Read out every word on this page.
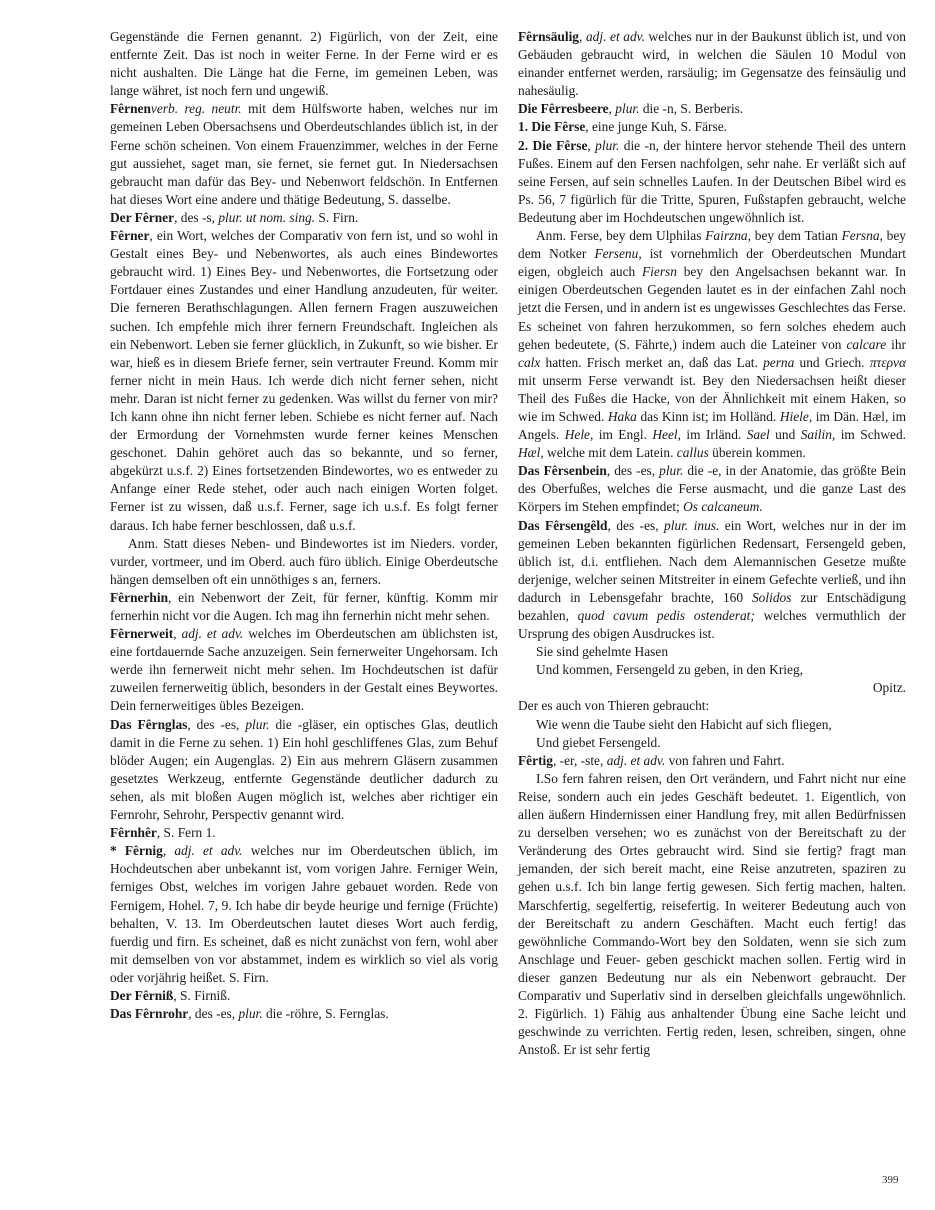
Gegenstände die Fernen genannt. 2) Figürlich, von der Zeit, eine entfernte Zeit. Das ist noch in weiter Ferne. In der Ferne wird er es nicht aushalten. Die Länge hat die Ferne, im gemeinen Leben, was lange währet, ist noch fern und ungewiß.

Fêrnenverb. reg. neutr. mit dem Hülfsworte haben, welches nur im gemeinen Leben Obersachsens und Oberdeutschlandes üblich ist, in der Ferne schön scheinen. Von einem Frauenzimmer, welches in der Ferne gut aussiehet, saget man, sie fernet, sie fernet gut. In Niedersachsen gebraucht man dafür das Bey- und Nebenwort feldschön. In Entfernen hat dieses Wort eine andere und thätige Bedeutung, S. dasselbe.

Der Fêrner, des -s, plur. ut nom. sing. S. Firn.

Fêrner, ein Wort, welches der Comparativ von fern ist, und so wohl in Gestalt eines Bey- und Nebenwortes, als auch eines Bindewortes gebraucht wird. 1) Eines Bey- und Nebenwortes, die Fortsetzung oder Fortdauer eines Zustandes und einer Handlung anzudeuten, für weiter. Die ferneren Berathschlagungen. Allen fernern Fragen auszuweichen suchen. Ich empfehle mich ihrer fernern Freundschaft. Ingleichen als ein Nebenwort. Leben sie ferner glücklich, in Zukunft, so wie bisher. Er war, hieß es in diesem Briefe ferner, sein vertrauter Freund. Komm mir ferner nicht in mein Haus. Ich werde dich nicht ferner sehen, nicht mehr. Daran ist nicht ferner zu gedenken. Was willst du ferner von mir? Ich kann ohne ihn nicht ferner leben. Schiebe es nicht ferner auf. Nach der Ermordung der Vornehmsten wurde ferner keines Menschen geschonet. Dahin gehöret auch das so bekannte, und so ferner, abgekürzt u.s.f. 2) Eines fortsetzenden Bindewortes, wo es entweder zu Anfange einer Rede stehet, oder auch nach einigen Worten folget. Ferner ist zu wissen, daß u.s.f. Ferner, sage ich u.s.f. Es folgt ferner daraus. Ich habe ferner beschlossen, daß u.s.f.

Anm. Statt dieses Neben- und Bindewortes ist im Nieders. vorder, vurder, vortmeer, und im Oberd. auch füro üblich. Einige Oberdeutsche hängen demselben oft ein unnöthiges s an, ferners.

Fêrnerhin, ein Nebenwort der Zeit, für ferner, künftig. Komm mir fernerhin nicht vor die Augen. Ich mag ihn fernerhin nicht mehr sehen.

Fêrnerweit, adj. et adv. welches im Oberdeutschen am üblichsten ist, eine fortdauernde Sache anzuzeigen. Sein fernerweiter Ungehorsam. Ich werde ihn fernerweit nicht mehr sehen. Im Hochdeutschen ist dafür zuweilen fernerweitig üblich, besonders in der Gestalt eines Beywortes. Dein fernerweitiges übles Bezeigen.

Das Fêrnglas, des -es, plur. die -gläser, ein optisches Glas, deutlich damit in die Ferne zu sehen. 1) Ein hohl geschliffenes Glas, zum Behuf blöder Augen; ein Augenglas. 2) Ein aus mehrern Gläsern zusammen gesetztes Werkzeug, entfernte Gegenstände deutlicher dadurch zu sehen, als mit bloßen Augen möglich ist, welches aber richtiger ein Fernrohr, Sehrohr, Perspectiv genannt wird.

Fêrnhêr, S. Fern 1.

* Fêrnig, adj. et adv. welches nur im Oberdeutschen üblich, im Hochdeutschen aber unbekannt ist, vom vorigen Jahre. Ferniger Wein, ferniges Obst, welches im vorigen Jahre gebauet worden. Rede von Fernigem, Hohel. 7, 9. Ich habe dir beyde heurige und fernige (Früchte) behalten, V. 13. Im Oberdeutschen lautet dieses Wort auch ferdig, fuerdig und firn. Es scheinet, daß es nicht zunächst von fern, wohl aber mit demselben von vor abstammet, indem es wirklich so viel als vorig oder vorjährig heißet. S. Firn.

Der Fêrniß, S. Firniß.

Das Fêrnrohr, des -es, plur. die -röhre, S. Fernglas.

Fêrnsäulig, adj. et adv. welches nur in der Baukunst üblich ist, und von Gebäuden gebraucht wird, in welchen die Säulen 10 Modul von einander entfernet werden, rarsäulig; im Gegensatze des feinsäulig und nahesäulig.

Die Fêrresbeere, plur. die -n, S. Berberis.

1. Die Fêrse, eine junge Kuh, S. Färse.

2. Die Fêrse, plur. die -n, der hintere hervor stehende Theil des untern Fußes. Einem auf den Fersen nachfolgen, sehr nahe. Er verläßt sich auf seine Fersen, auf sein schnelles Laufen. In der Deutschen Bibel wird es Ps. 56, 7 figürlich für die Tritte, Spuren, Fußstapfen gebraucht, welche Bedeutung aber im Hochdeutschen ungewöhnlich ist.

Anm. Ferse, bey dem Ulphilas Fairzna, bey dem Tatian Fersna, bey dem Notker Fersenu, ist vornehmlich der Oberdeutschen Mundart eigen, obgleich auch Fiersn bey den Angelsachsen bekannt war. In einigen Oberdeutschen Gegenden lautet es in der einfachen Zahl noch jetzt die Fersen, und in andern ist es ungewisses Geschlechtes das Ferse. Es scheinet von fahren herzukommen, so fern solches ehedem auch gehen bedeutete, (S. Fährte,) indem auch die Lateiner von calcare ihr calx hatten. Frisch merket an, daß das Lat. perna und Griech. πτερνα mit unserm Ferse verwandt ist. Bey den Niedersachsen heißt dieser Theil des Fußes die Hacke, von der Ähnlichkeit mit einem Haken, so wie im Schwed. Haka das Kinn ist; im Holländ. Hiele, im Dän. Hæl, im Angels. Hele, im Engl. Heel, im Irländ. Sael und Sailin, im Schwed. Hæl, welche mit dem Latein. callus überein kommen.

Das Fêrsenbein, des -es, plur. die -e, in der Anatomie, das größte Bein des Oberfußes, welches die Ferse ausmacht, und die ganze Last des Körpers im Stehen empfindet; Os calcaneum.

Das Fêrsengêld, des -es, plur. inus. ein Wort, welches nur in der im gemeinen Leben bekannten figürlichen Redensart, Fersengeld geben, üblich ist, d.i. entfliehen. Nach dem Alemannischen Gesetze mußte derjenige, welcher seinen Mitstreiter in einem Gefechte verließ, und ihn dadurch in Lebensgefahr brachte, 160 Solidos zur Entschädigung bezahlen, quod cavum pedis ostenderat; welches vermuthlich der Ursprung des obigen Ausdruckes ist.

Sie sind gehelmte Hasen

Und kommen, Fersengeld zu geben, in den Krieg,

Opitz.

Der es auch von Thieren gebraucht:

Wie wenn die Taube sieht den Habicht auf sich fliegen,

Und giebet Fersengeld.

Fêrtig, -er, -ste, adj. et adv. von fahren und Fahrt.

I.So fern fahren reisen, den Ort verändern, und Fahrt nicht nur eine Reise, sondern auch ein jedes Geschäft bedeutet. 1. Eigentlich, von allen äußern Hindernissen einer Handlung frey, mit allen Bedürfnissen zu derselben versehen; wo es zunächst von der Bereitschaft zu der Veränderung des Ortes gebraucht wird. Sind sie fertig? fragt man jemanden, der sich bereit macht, eine Reise anzutreten, spaziren zu gehen u.s.f. Ich bin lange fertig gewesen. Sich fertig machen, halten. Marschfertig, segelfertig, reisefertig. In weiterer Bedeutung auch von der Bereitschaft zu andern Geschäften. Macht euch fertig! das gewöhnliche Commando-Wort bey den Soldaten, wenn sie sich zum Anschlage und Feuer- geben geschickt machen sollen. Fertig wird in dieser ganzen Bedeutung nur als ein Nebenwort gebraucht. Der Comparativ und Superlativ sind in derselben gleichfalls ungewöhnlich. 2. Figürlich. 1) Fähig aus anhaltender Übung eine Sache leicht und geschwinde zu verrichten. Fertig reden, lesen, schreiben, singen, ohne Anstoß. Er ist sehr fertig

399
